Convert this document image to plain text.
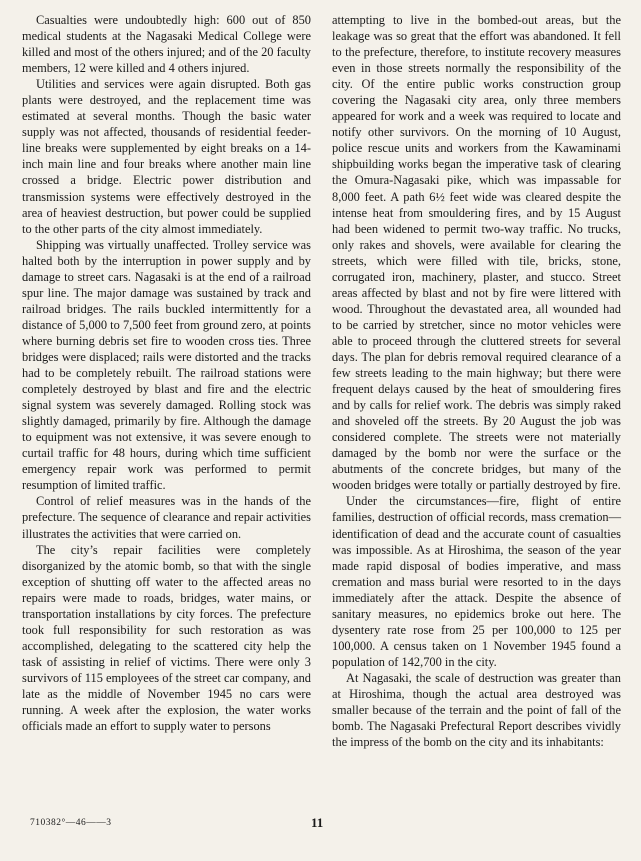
Casualties were undoubtedly high: 600 out of 850 medical students at the Nagasaki Medical College were killed and most of the others injured; and of the 20 faculty members, 12 were killed and 4 others injured.

Utilities and services were again disrupted. Both gas plants were destroyed, and the replacement time was estimated at several months. Though the basic water supply was not affected, thousands of residential feeder-line breaks were supplemented by eight breaks on a 14-inch main line and four breaks where another main line crossed a bridge. Electric power distribution and transmission systems were effectively destroyed in the area of heaviest destruction, but power could be supplied to the other parts of the city almost immediately.

Shipping was virtually unaffected. Trolley service was halted both by the interruption in power supply and by damage to street cars. Nagasaki is at the end of a railroad spur line. The major damage was sustained by track and railroad bridges. The rails buckled intermittently for a distance of 5,000 to 7,500 feet from ground zero, at points where burning debris set fire to wooden cross ties. Three bridges were displaced; rails were distorted and the tracks had to be completely rebuilt. The railroad stations were completely destroyed by blast and fire and the electric signal system was severely damaged. Rolling stock was slightly damaged, primarily by fire. Although the damage to equipment was not extensive, it was severe enough to curtail traffic for 48 hours, during which time sufficient emergency repair work was performed to permit resumption of limited traffic.

Control of relief measures was in the hands of the prefecture. The sequence of clearance and repair activities illustrates the activities that were carried on.

The city’s repair facilities were completely disorganized by the atomic bomb, so that with the single exception of shutting off water to the affected areas no repairs were made to roads, bridges, water mains, or transportation installations by city forces. The prefecture took full responsibility for such restoration as was accomplished, delegating to the scattered city help the task of assisting in relief of victims. There were only 3 survivors of 115 employees of the street car company, and late as the middle of November 1945 no cars were running. A week after the explosion, the water works officials made an effort to supply water to persons

attempting to live in the bombed-out areas, but the leakage was so great that the effort was abandoned. It fell to the prefecture, therefore, to institute recovery measures even in those streets normally the responsibility of the city. Of the entire public works construction group covering the Nagasaki city area, only three members appeared for work and a week was required to locate and notify other survivors. On the morning of 10 August, police rescue units and workers from the Kawaminami shipbuilding works began the imperative task of clearing the Omura-Nagasaki pike, which was impassable for 8,000 feet. A path 6½ feet wide was cleared despite the intense heat from smouldering fires, and by 15 August had been widened to permit two-way traffic. No trucks, only rakes and shovels, were available for clearing the streets, which were filled with tile, bricks, stone, corrugated iron, machinery, plaster, and stucco. Street areas affected by blast and not by fire were littered with wood. Throughout the devastated area, all wounded had to be carried by stretcher, since no motor vehicles were able to proceed through the cluttered streets for several days. The plan for debris removal required clearance of a few streets leading to the main highway; but there were frequent delays caused by the heat of smouldering fires and by calls for relief work. The debris was simply raked and shoveled off the streets. By 20 August the job was considered complete. The streets were not materially damaged by the bomb nor were the surface or the abutments of the concrete bridges, but many of the wooden bridges were totally or partially destroyed by fire.

Under the circumstances—fire, flight of entire families, destruction of official records, mass cremation—identification of dead and the accurate count of casualties was impossible. As at Hiroshima, the season of the year made rapid disposal of bodies imperative, and mass cremation and mass burial were resorted to in the days immediately after the attack. Despite the absence of sanitary measures, no epidemics broke out here. The dysentery rate rose from 25 per 100,000 to 125 per 100,000. A census taken on 1 November 1945 found a population of 142,700 in the city.

At Nagasaki, the scale of destruction was greater than at Hiroshima, though the actual area destroyed was smaller because of the terrain and the point of fall of the bomb. The Nagasaki Prefectural Report describes vividly the impress of the bomb on the city and its inhabitants:

710382°—46——3	11
